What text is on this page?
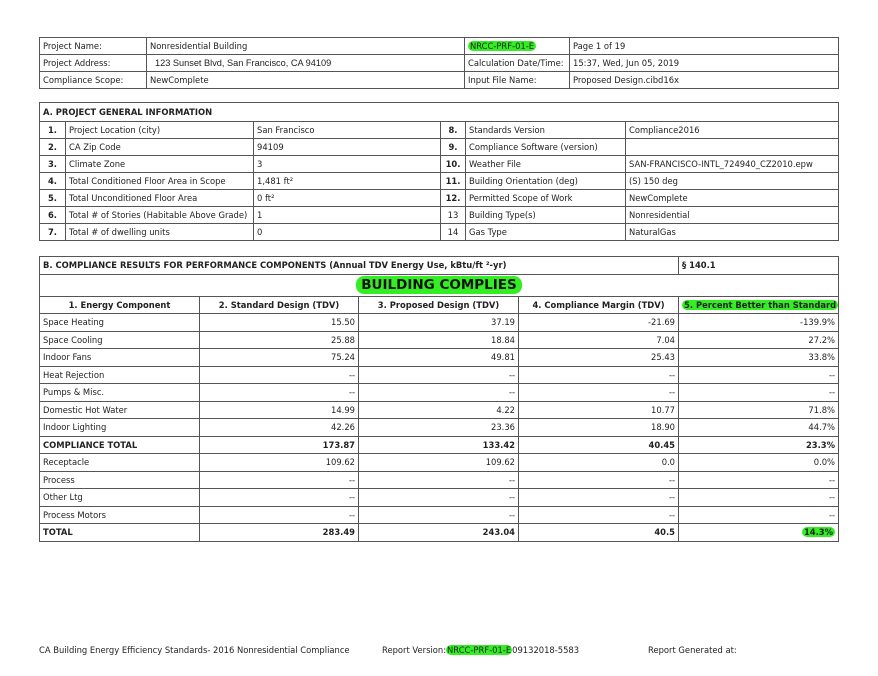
Project Name:	Nonresidential Building	NRCC-PRF-01-E	Page 1 of 19
Project Address:	123 Sunset Blvd, San Francisco, CA 94109	Calculation Date/Time:	15:37, Wed, Jun 05, 2019
Compliance Scope:	NewComplete	Input File Name:	Proposed Design.cibd16x
A. PROJECT GENERAL INFORMATION					
1.	Project Location (city)	San Francisco	8.	Standards Version	Compliance2016
2.	CA Zip Code	94109	9.	Compliance Software (version)	
3.	Climate Zone	3	10.	Weather File	SAN-FRANCISCO-INTL_724940_CZ2010.epw
4.	Total Conditioned Floor Area in Scope	1,481 ft²	11.	Building Orientation (deg)	(S) 150 deg
5.	Total Unconditioned Floor Area	0 ft²	12.	Permitted Scope of Work	NewComplete
6.	Total # of Stories (Habitable Above Grade)	1	13	Building Type(s)	Nonresidential
7.	Total # of dwelling units	0	14	Gas Type	NaturalGas
B. COMPLIANCE RESULTS FOR PERFORMANCE COMPONENTS (Annual TDV Energy Use, kBtu/ft ²-yr)				§ 140.1
BUILDING COMPLIES				
1. Energy Component	2. Standard Design (TDV)	3. Proposed Design (TDV)	4. Compliance Margin (TDV)	5. Percent Better than Standard
Space Heating	15.50	37.19	-21.69	-139.9%
Space Cooling	25.88	18.84	7.04	27.2%
Indoor Fans	75.24	49.81	25.43	33.8%
Heat Rejection	--	--	--	--
Pumps & Misc.	--	--	--	--
Domestic Hot Water	14.99	4.22	10.77	71.8%
Indoor Lighting	42.26	23.36	18.90	44.7%
COMPLIANCE TOTAL	173.87	133.42	40.45	23.3%
Receptacle	109.62	109.62	0.0	0.0%
Process	--	--	--	--
Other Ltg	--	--	--	--
Process Motors	--	--	--	--
TOTAL	283.49	243.04	40.5	14.3%
CA Building Energy Efficiency Standards- 2016 Nonresidential Compliance	Report Version:NRCC-PRF-01-E09132018-5583	Report Generated at:
